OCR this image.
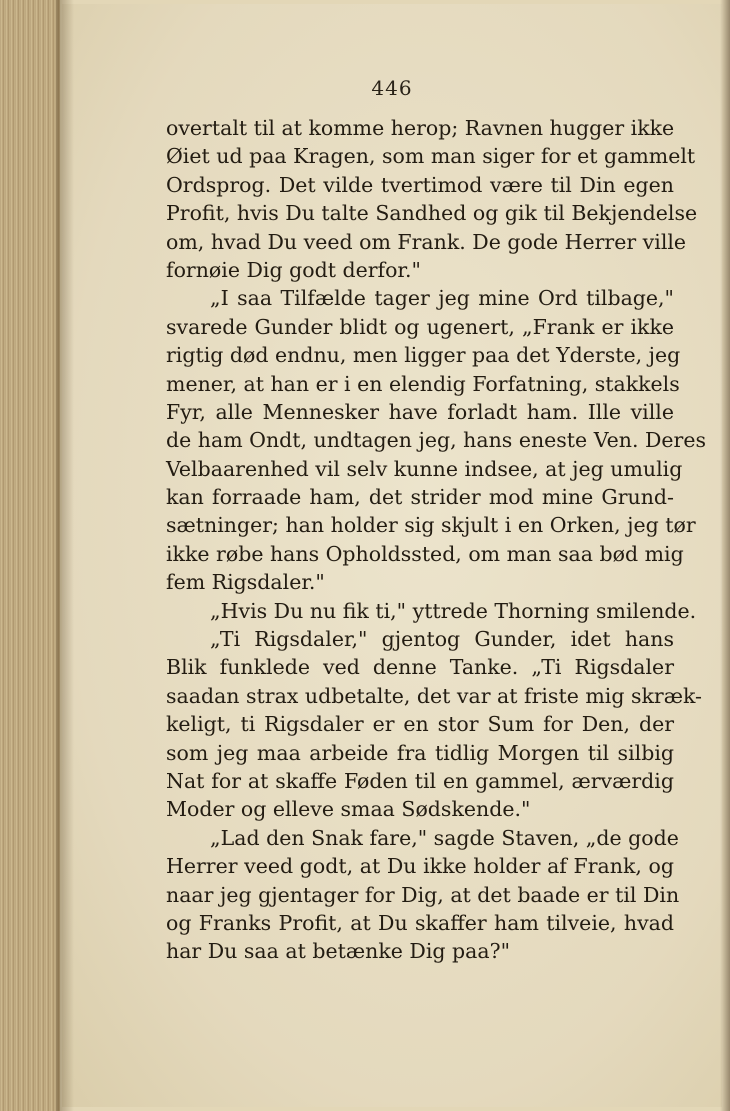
446
overtalt til at komme herop; Ravnen hugger ikke
Øiet ud paa Kragen, som man siger for et gammelt
Ordsprog. Det vilde tvertimod være til Din egen
Profit, hvis Du talte Sandhed og gik til Bekjendelse
om, hvad Du veed om Frank. De gode Herrer ville
fornøie Dig godt derfor."
„I saa Tilfælde tager jeg mine Ord tilbage,"
svarede Gunder blidt og ugenert, „Frank er ikke
rigtig død endnu, men ligger paa det Yderste, jeg
mener, at han er i en elendig Forfatning, stakkels
Fyr, alle Mennesker have forladt ham. Ille ville
de ham Ondt, undtagen jeg, hans eneste Ven. Deres
Velbaarenhed vil selv kunne indsee, at jeg umulig
kan forraade ham, det strider mod mine Grund-
sætninger; han holder sig skjult i en Orken, jeg tør
ikke røbe hans Opholdssted, om man saa bød mig
fem Rigsdaler."
„Hvis Du nu fik ti," yttrede Thorning smilende.
„Ti Rigsdaler," gjentog Gunder, idet hans
Blik funklede ved denne Tanke. „Ti Rigsdaler
saadan strax udbetalte, det var at friste mig skræk-
keligt, ti Rigsdaler er en stor Sum for Den, der
som jeg maa arbeide fra tidlig Morgen til silbig
Nat for at skaffe Føden til en gammel, ærværdig
Moder og elleve smaa Sødskende."
„Lad den Snak fare," sagde Staven, „de gode
Herrer veed godt, at Du ikke holder af Frank, og
naar jeg gjentager for Dig, at det baade er til Din
og Franks Profit, at Du skaffer ham tilveie, hvad
har Du saa at betænke Dig paa?"
